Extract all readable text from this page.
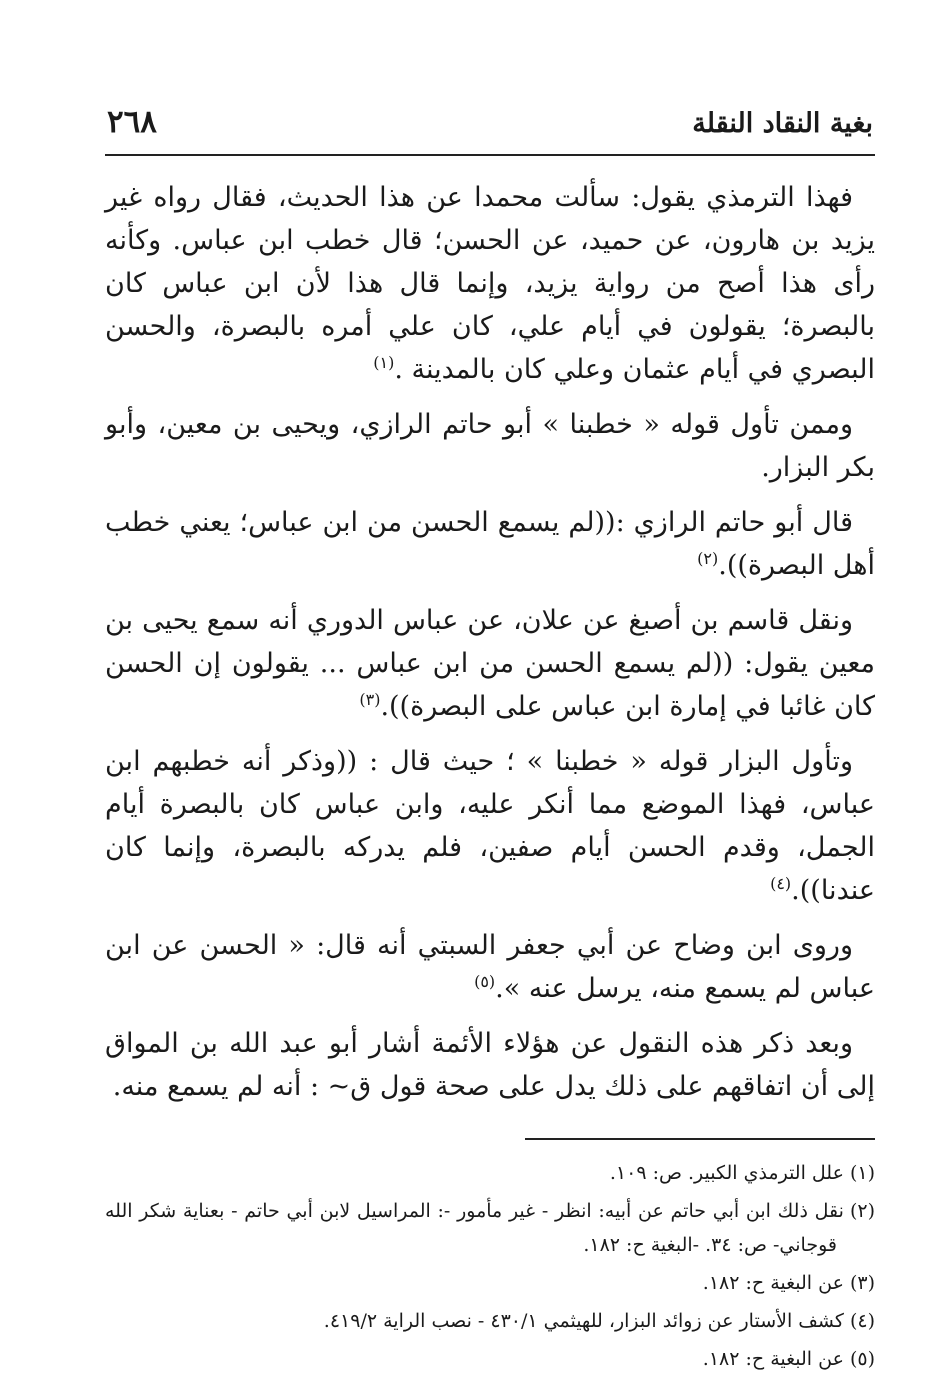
بغية النقاد النقلة
٢٦٨

فهذا الترمذي يقول: سألت محمدا عن هذا الحديث، فقال رواه غير يزيد بن هارون، عن حميد، عن الحسن؛ قال خطب ابن عباس. وكأنه رأى هذا أصح من رواية يزيد، وإنما قال هذا لأن ابن عباس كان بالبصرة؛ يقولون في أيام علي، كان علي أمره بالبصرة، والحسن البصري في أيام عثمان وعلي كان بالمدينة .$^{(١)}$

وممن تأول قوله « خطبنا » أبو حاتم الرازي، ويحيى بن معين، وأبو بكر البزار.

قال أبو حاتم الرازي :((لم يسمع الحسن من ابن عباس؛ يعني خطب أهل البصرة)).$^{(٢)}$

ونقل قاسم بن أصبغ عن علان، عن عباس الدوري أنه سمع يحيى بن معين يقول: ((لم يسمع الحسن من ابن عباس ... يقولون إن الحسن كان غائبا في إمارة ابن عباس على البصرة)).$^{(٣)}$

وتأول البزار قوله « خطبنا » ؛ حيث قال : ((وذكر أنه خطبهم ابن عباس، فهذا الموضع مما أنكر عليه، وابن عباس كان بالبصرة أيام الجمل، وقدم الحسن أيام صفين، فلم يدركه بالبصرة، وإنما كان عندنا)).$^{(٤)}$

وروى ابن وضاح عن أبي جعفر السبتي أنه قال: « الحسن عن ابن عباس لم يسمع منه، يرسل عنه ».$^{(٥)}$

وبعد ذكر هذه النقول عن هؤلاء الأئمة أشار أبو عبد الله بن المواق إلى أن اتفاقهم على ذلك يدل على صحة قول ق~ : أنه لم يسمع منه.

(١)علل الترمذي الكبير. ص: ١٠٩.

(٢)نقل ذلك ابن أبي حاتم عن أبيه: انظر - غير مأمور -: المراسيل لابن أبي حاتم - بعناية شكر الله قوجاني- ص: ٣٤. -البغية ح: ١٨٢.

(٣)عن البغية ح: ١٨٢.

(٤)كشف الأستار عن زوائد البزار، للهيثمي ٤٣٠/١ - نصب الراية ٤١٩/٢.

(٥)عن البغية ح: ١٨٢.
